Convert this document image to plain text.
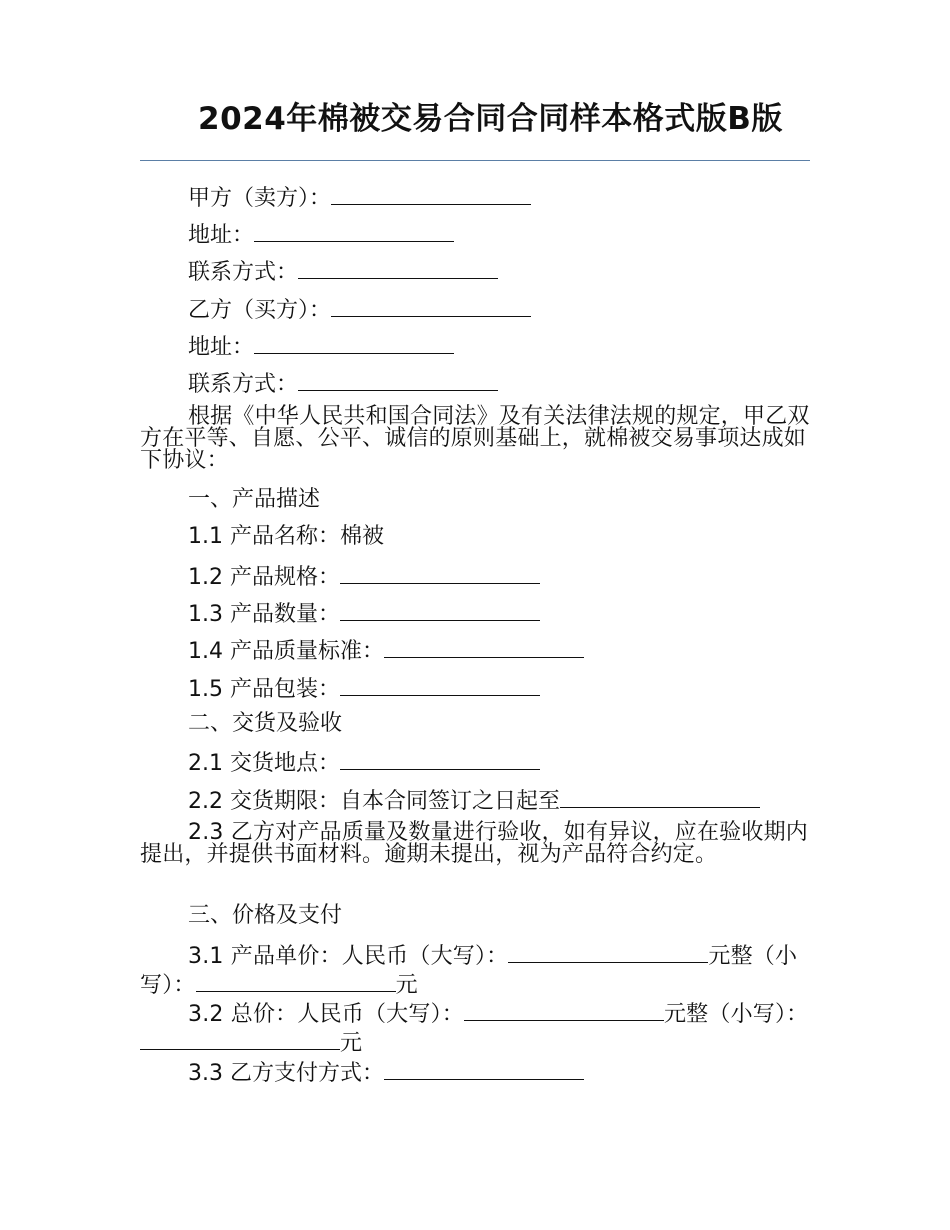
2024年棉被交易合同合同样本格式版B版
甲方（卖方）：
地址：
联系方式：
乙方（买方）：
地址：
联系方式：
根据《中华人民共和国合同法》及有关法律法规的规定，甲乙双方在平等、自愿、公平、诚信的原则基础上，就棉被交易事项达成如下协议：
一、产品描述
1.1 产品名称：棉被
1.2 产品规格：
1.3 产品数量：
1.4 产品质量标准：
1.5 产品包装：
二、交货及验收
2.1 交货地点：
2.2 交货期限：自本合同签订之日起至
2.3 乙方对产品质量及数量进行验收，如有异议，应在验收期内提出，并提供书面材料。逾期未提出，视为产品符合约定。
三、价格及支付
3.1 产品单价：人民币（大写）：	元整（小写）：	元
3.2 总价：人民币（大写）：	元整（小写）：元
3.3 乙方支付方式：
